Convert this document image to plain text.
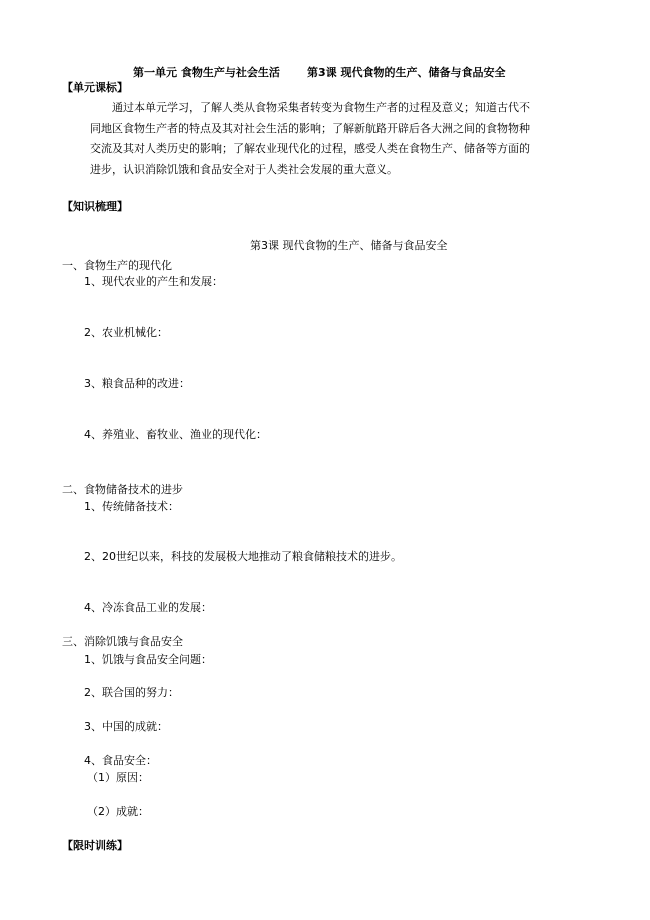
第一单元 食物生产与社会生活 第3课 现代食物的生产、储备与食品安全
【单元课标】
通过本单元学习，了解人类从食物采集者转变为食物生产者的过程及意义；知道古代不同地区食物生产者的特点及其对社会生活的影响；了解新航路开辟后各大洲之间的食物物种交流及其对人类历史的影响；了解农业现代化的过程，感受人类在食物生产、储备等方面的进步，认识消除饥饿和食品安全对于人类社会发展的重大意义。
【知识梳理】
第3课 现代食物的生产、储备与食品安全
一、食物生产的现代化
1、现代农业的产生和发展：
2、农业机械化：
3、粮食品种的改进：
4、养殖业、畜牧业、渔业的现代化：
二、食物储备技术的进步
1、传统储备技术：
2、20世纪以来，科技的发展极大地推动了粮食储粮技术的进步。
4、冷冻食品工业的发展：
三、消除饥饿与食品安全
1、饥饿与食品安全问题：
2、联合国的努力：
3、中国的成就：
4、食品安全：
（1）原因：
（2）成就：
【限时训练】
